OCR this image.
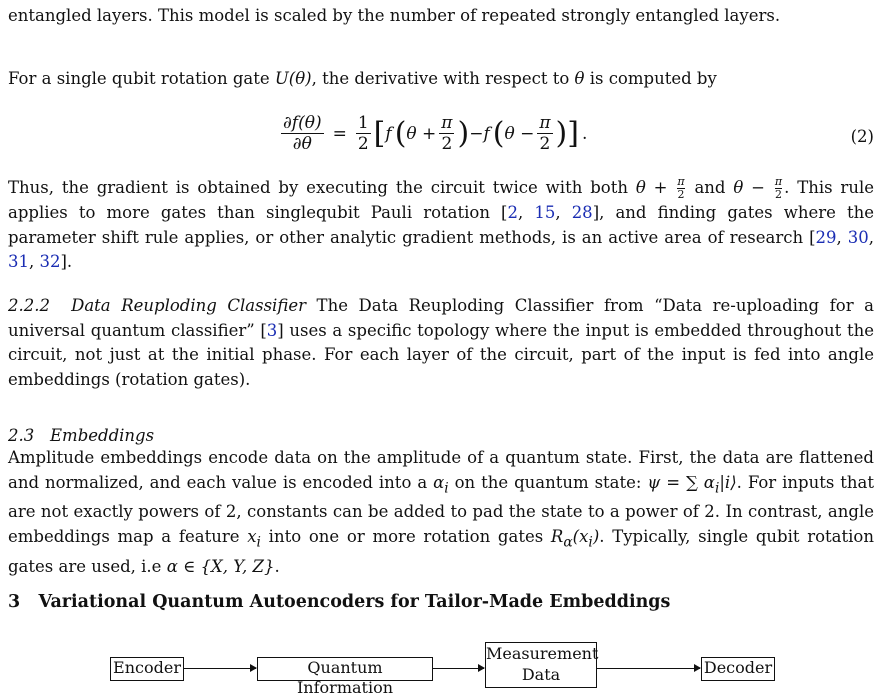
entangled layers. This model is scaled by the number of repeated strongly entangled layers.

For a single qubit rotation gate U(θ), the derivative with respect to θ is computed by

$\frac{\partial f(\theta)}{\partial\theta} = \frac{1}{2}$ [ f ( $\theta + \frac{\pi}{2}$ ) − f ( $\theta - \frac{\pi}{2}$ ) ] .	(2)

Thus, the gradient is obtained by executing the circuit twice with both $\theta + \frac{\pi}{2}$ and $\theta - \frac{\pi}{2}$ . This rule applies to more gates than singlequbit Pauli rotation [2, 15, 28], and finding gates where the parameter shift rule applies, or other analytic gradient methods, is an active area of research [29, 30, 31, 32].

2.2.2 Data Reuploding Classifier The Data Reuploding Classifier from “Data re-uploading for a universal quantum classifier” [3] uses a specific topology where the input is embedded throughout the circuit, not just at the initial phase. For each layer of the circuit, part of the input is fed into angle embeddings (rotation gates).

2.3 Embeddings

Amplitude embeddings encode data on the amplitude of a quantum state. First, the data are flattened and normalized, and each value is encoded into a $\alpha_i$ on the quantum state: ψ = ∑ $\alpha_i|i⟩$. For inputs that are not exactly powers of 2, constants can be added to pad the state to a power of 2. In contrast, angle embeddings map a feature $x_i$ into one or more rotation gates $R_\alpha(x_i)$. Typically, single qubit rotation gates are used, i.e α ∈ {X, Y, Z}.

3 Variational Quantum Autoencoders for Tailor-Made Embeddings
Encoder	Quantum Information
Measurement
Data	Decoder
